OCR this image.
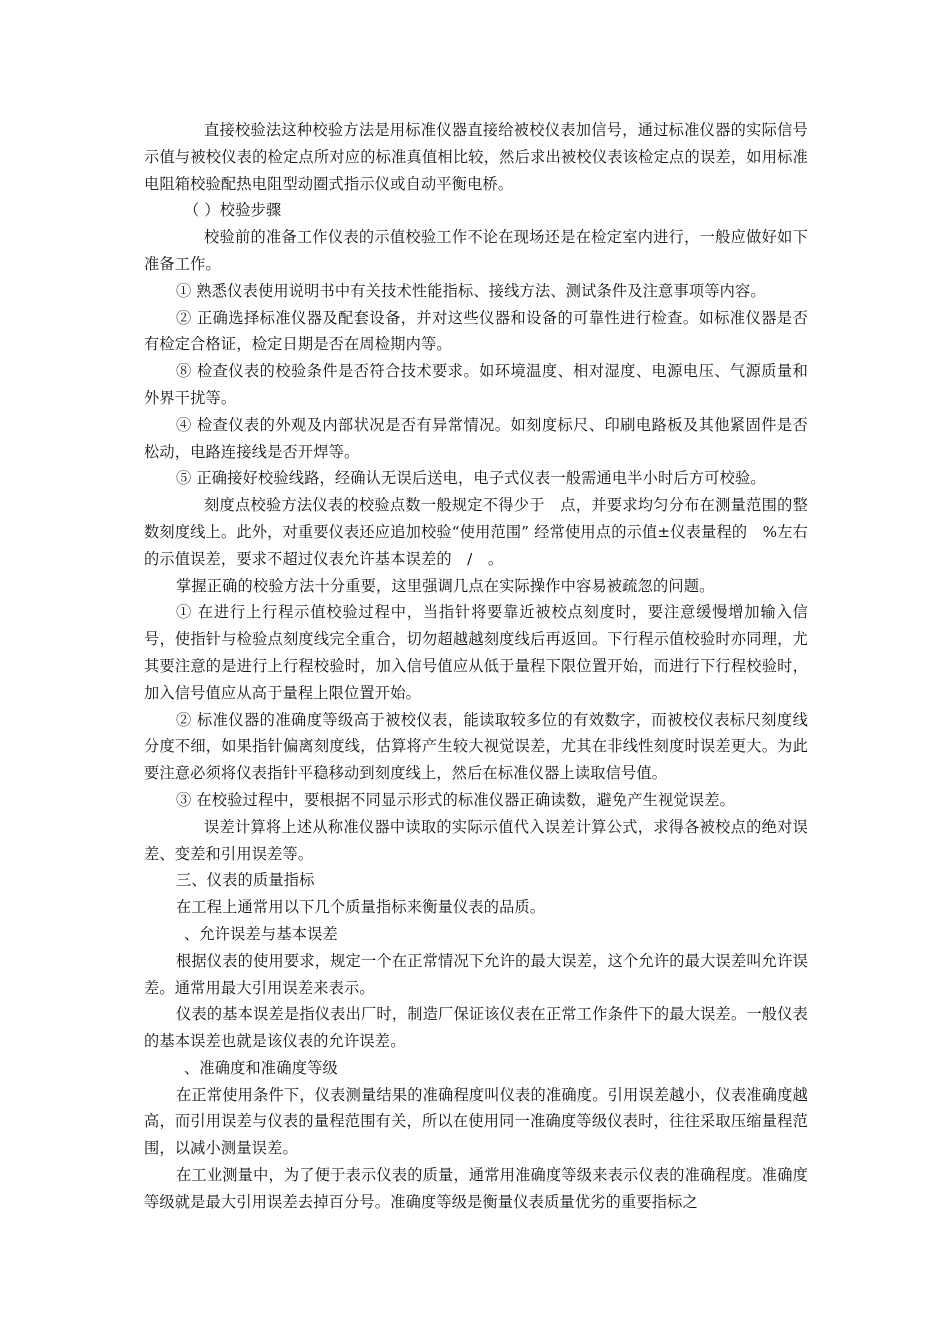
直接校验法这种校验方法是用标准仪器直接给被校仪表加信号，通过标准仪器的实际信号示值与被校仪表的检定点所对应的标准真值相比较，然后求出被校仪表该检定点的误差，如用标准电阻箱校验配热电阻型动圈式指示仪或自动平衡电桥。

（ ）校验步骤

校验前的准备工作仪表的示值校验工作不论在现场还是在检定室内进行，一般应做好如下准备工作。

① 熟悉仪表使用说明书中有关技术性能指标、接线方法、测试条件及注意事项等内容。

② 正确选择标准仪器及配套设备，并对这些仪器和设备的可靠性进行检查。如标准仪器是否有检定合格证，检定日期是否在周检期内等。

⑧ 检查仪表的校验条件是否符合技术要求。如环境温度、相对湿度、电源电压、气源质量和外界干扰等。

④ 检查仪表的外观及内部状况是否有异常情况。如刻度标尺、印刷电路板及其他紧固件是否松动，电路连接线是否开焊等。

⑤ 正确接好校验线路，经确认无误后送电，电子式仪表一般需通电半小时后方可校验。

刻度点校验方法仪表的校验点数一般规定不得少于　点，并要求均匀分布在测量范围的整数刻度线上。此外，对重要仪表还应追加校验“使用范围” 经常使用点的示值±仪表量程的　%左右 的示值误差，要求不超过仪表允许基本误差的　/　。

掌握正确的校验方法十分重要，这里强调几点在实际操作中容易被疏忽的问题。

① 在进行上行程示值校验过程中，当指针将要靠近被校点刻度时，要注意缓慢增加输入信号，使指针与检验点刻度线完全重合，切勿超越越刻度线后再返回。下行程示值校验时亦同理，尤其要注意的是进行上行程校验时，加入信号值应从低于量程下限位置开始，而进行下行程校验时，加入信号值应从高于量程上限位置开始。

② 标准仪器的准确度等级高于被校仪表，能读取较多位的有效数字，而被校仪表标尺刻度线分度不细，如果指针偏离刻度线，估算将产生较大视觉误差，尤其在非线性刻度时误差更大。为此要注意必须将仪表指针平稳移动到刻度线上，然后在标准仪器上读取信号值。

③ 在校验过程中，要根据不同显示形式的标准仪器正确读数，避免产生视觉误差。

误差计算将上述从称准仪器中读取的实际示值代入误差计算公式，求得各被校点的绝对误差、变差和引用误差等。

三、仪表的质量指标

在工程上通常用以下几个质量指标来衡量仪表的品质。

、允许误差与基本误差

根据仪表的使用要求，规定一个在正常情况下允许的最大误差，这个允许的最大误差叫允许误差。通常用最大引用误差来表示。

仪表的基本误差是指仪表出厂时，制造厂保证该仪表在正常工作条件下的最大误差。一般仪表的基本误差也就是该仪表的允许误差。

、准确度和准确度等级

在正常使用条件下，仪表测量结果的准确程度叫仪表的准确度。引用误差越小，仪表准确度越高，而引用误差与仪表的量程范围有关，所以在使用同一准确度等级仪表时，往往采取压缩量程范围，以减小测量误差。

在工业测量中，为了便于表示仪表的质量，通常用准确度等级来表示仪表的准确程度。准确度等级就是最大引用误差去掉百分号。准确度等级是衡量仪表质量优劣的重要指标之
